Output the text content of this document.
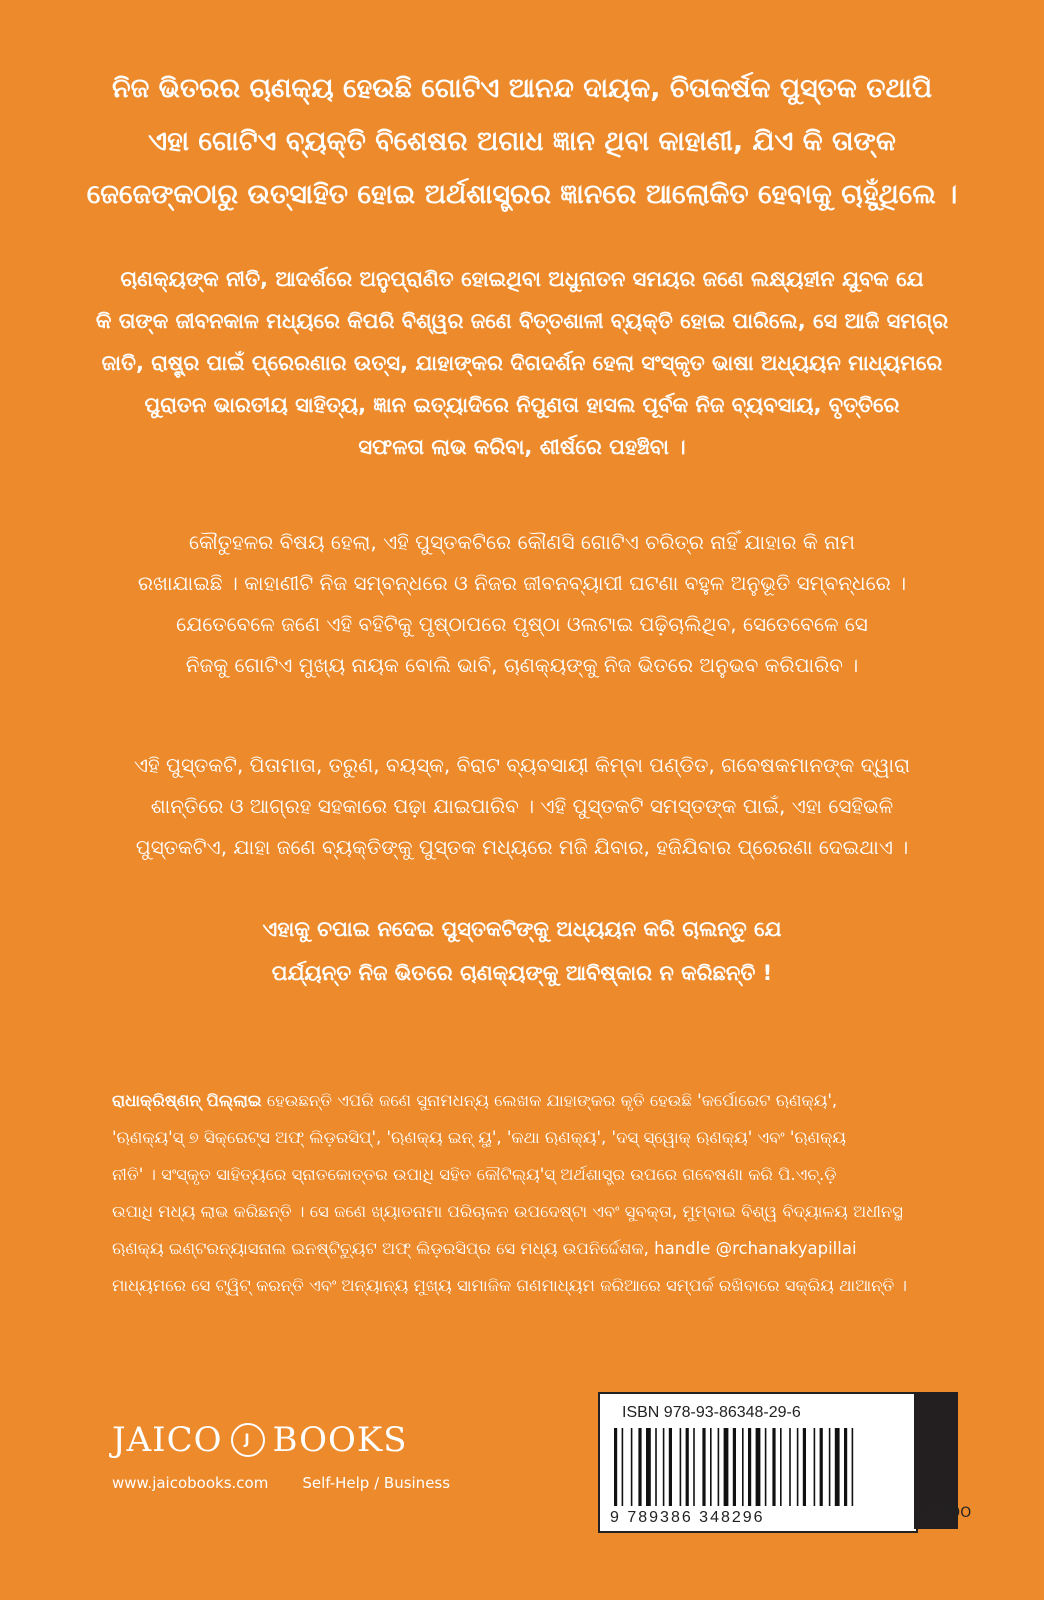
ନିଜ ଭିତରର ଚାଣକ୍ୟ ହେଉଛି ଗୋଟିଏ ଆନନ୍ଦ ଦାୟକ, ଚିତାକର୍ଷକ ପୁସ୍ତକ ତଥାପି
ଏହା ଗୋଟିଏ ବ୍ୟକ୍ତି ବିଶେଷର ଅଗାଧ ଜ୍ଞାନ ଥିବା କାହାଣୀ, ଯିଏ କି ତାଙ୍କ
ଜେଜେଙ୍କଠାରୁ ଉତ୍ସାହିତ ହୋଇ ଅର୍ଥଶାସ୍ତ୍ରର ଜ୍ଞାନରେ ଆଲୋକିତ ହେବାକୁ ଚାହୁଁଥିଲେ ।
ଚାଣକ୍ୟଙ୍କ ନୀତି, ଆଦର୍ଶରେ ଅନୁପ୍ରାଣିତ ହୋଇଥିବା ଅଧୁନାତନ ସମୟର ଜଣେ ଲକ୍ଷ୍ୟହୀନ ଯୁବକ ଯେ
କି ତାଙ୍କ ଜୀବନକାଳ ମଧ୍ୟରେ କିପରି ବିଶ୍ୱର ଜଣେ ବିତ୍ତଶାଳୀ ବ୍ୟକ୍ତି ହୋଇ ପାରିଲେ, ସେ ଆଜି ସମଗ୍ର
ଜାତି, ରାଷ୍ଟ୍ର ପାଇଁ ପ୍ରେରଣାର ଉତ୍ସ, ଯାହାଙ୍କର ଦିଗଦର୍ଶନ ହେଲା ସଂସ୍କୃତ ଭାଷା ଅଧ୍ୟୟନ ମାଧ୍ୟମରେ
ପୁରାତନ ଭାରତୀୟ ସାହିତ୍ୟ, ଜ୍ଞାନ ଇତ୍ୟାଦିରେ ନିପୁଣତା ହାସଲ ପୂର୍ବକ ନିଜ ବ୍ୟବସାୟ, ବୃତ୍ତିରେ
ସଫଳତା ଲାଭ କରିବା, ଶୀର୍ଷରେ ପହଞ୍ଚିବା ।
କୌତୁହଳର ବିଷୟ ହେଲା, ଏହି ପୁସ୍ତକଟିରେ କୌଣସି ଗୋଟିଏ ଚରିତ୍ର ନାହିଁ ଯାହାର କି ନାମ
ରଖାଯାଇଛି । କାହାଣୀଟି ନିଜ ସମ୍ବନ୍ଧରେ ଓ ନିଜର ଜୀବନବ୍ୟାପୀ ଘଟଣା ବହୁଳ ଅନୁଭୂତି ସମ୍ବନ୍ଧରେ ।
ଯେତେବେଳେ ଜଣେ ଏହି ବହିଟିକୁ ପୃଷ୍ଠାପରେ ପୃଷ୍ଠା ଓଲଟାଇ ପଢ଼ିଚାଲିଥିବ, ସେତେବେଳେ ସେ
ନିଜକୁ ଗୋଟିଏ ମୁଖ୍ୟ ନାୟକ ବୋଲି ଭାବି, ଚାଣକ୍ୟଙ୍କୁ ନିଜ ଭିତରେ ଅନୁଭବ କରିପାରିବ ।
ଏହି ପୁସ୍ତକଟି, ପିତାମାତା, ତରୁଣ, ବୟସ୍କ, ବିରାଟ ବ୍ୟବସାୟୀ କିମ୍ବା ପଣ୍ଡିତ, ଗବେଷକମାନଙ୍କ ଦ୍ୱାରା
ଶାନ୍ତିରେ ଓ ଆଗ୍ରହ ସହକାରେ ପଢ଼ା ଯାଇପାରିବ । ଏହି ପୁସ୍ତକଟି ସମସ୍ତଙ୍କ ପାଇଁ, ଏହା ସେହିଭଳି
ପୁସ୍ତକଟିଏ, ଯାହା ଜଣେ ବ୍ୟକ୍ତିଙ୍କୁ ପୁସ୍ତକ ମଧ୍ୟରେ ମଜି ଯିବାର, ହଜିଯିବାର ପ୍ରେରଣା ଦେଇଥାଏ ।
ଏହାକୁ ଚପାଇ ନଦେଇ ପୁସ୍ତକଟିଙ୍କୁ ଅଧ୍ୟୟନ କରି ଚାଲନ୍ତୁ ଯେ
ପର୍ଯ୍ୟନ୍ତ ନିଜ ଭିତରେ ଚାଣକ୍ୟଙ୍କୁ ଆବିଷ୍କାର ନ କରିଛନ୍ତି !
ରାଧାକ୍ରିଷ୍ଣନ୍ ପିଲ୍ଲାଇ ହେଉଛନ୍ତି ଏପରି ଜଣେ ସୁନାମଧନ୍ୟ ଲେଖକ ଯାହାଙ୍କର କୃତି ହେଉଛି 'କର୍ପୋରେଟ ଋଣକ୍ୟ',
'ଋଣକ୍ୟ'ସ୍ ୭ ସିକ୍ରେଟ୍ସ ଅଫ୍ ଲିଡ଼ରସିପ୍', 'ଋଣକ୍ୟ ଇନ୍ ୟୁ', 'କଥା ଋଣକ୍ୟ', 'ଦସ୍ ସ୍ୱୋକ୍ ଋଣକ୍ୟ' ଏବଂ 'ଋଣକ୍ୟ
ନୀତି' । ସଂସ୍କୃତ ସାହିତ୍ୟରେ ସ୍ନାତକୋତ୍ତର ଉପାଧି ସହିତ କୌଟିଲ୍ୟ'ସ୍ ଅର୍ଥଶାସ୍ତ୍ର ଉପରେ ଗବେଷଣା କରି ପି.ଏଚ୍.ଡ଼ି
ଉପାଧି ମଧ୍ୟ ଲାଭ କରିଛନ୍ତି । ସେ ଜଣେ ଖ୍ୟାତନାମା ପରିଚାଳନ ଉପଦେଷ୍ଟା ଏବଂ ସୁବକ୍ତା, ମୁମ୍ବାଇ ବିଶ୍ୱ ବିଦ୍ୟାଳୟ ଅଧୀନସ୍ଥ
ଋଣକ୍ୟ ଇଣ୍ଟରନ୍ୟାସନାଲ ଇନଷ୍ଟିଚ୍ୟୁଟ ଅଫ୍ ଲିଡ଼ରସିପ୍ର ସେ ମଧ୍ୟ ଉପନିର୍ଦ୍ଦେଶକ, handle @rchanakyapillai
ମାଧ୍ୟମରେ ସେ ଟ୍ୱିଟ୍ କରନ୍ତି ଏବଂ ଅନ୍ୟାନ୍ୟ ମୁଖ୍ୟ ସାମାଜିକ ଗଣମାଧ୍ୟମ ଜରିଆରେ ସମ୍ପର୍କ ରଖିବାରେ ସକ୍ରିୟ ଥାଆନ୍ତି ।
JAICO	J BOOKS
www.jaicobooks.com Self-Help / Business
ISBN 978-93-86348-29-6
9 789386 348296	J-2389O
